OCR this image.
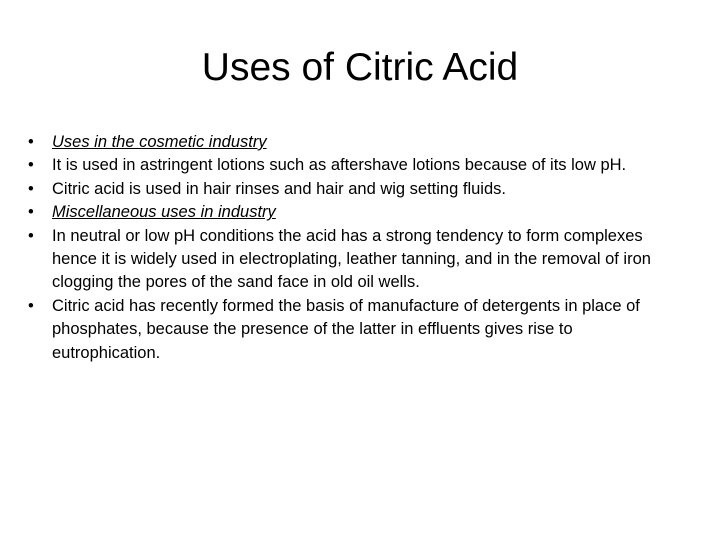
Uses of Citric Acid
• Uses in the cosmetic industry
• It is used in astringent lotions such as aftershave lotions because of its low pH.
• Citric acid is used in hair rinses and hair and wig setting fluids.
• Miscellaneous uses in industry
• In neutral or low pH conditions the acid has a strong tendency to form complexes hence it is widely used in electroplating, leather tanning, and in the removal of iron clogging the pores of the sand face in old oil wells.
• Citric acid has recently formed the basis of manufacture of detergents in place of phosphates, because the presence of the latter in effluents gives rise to eutrophication.
